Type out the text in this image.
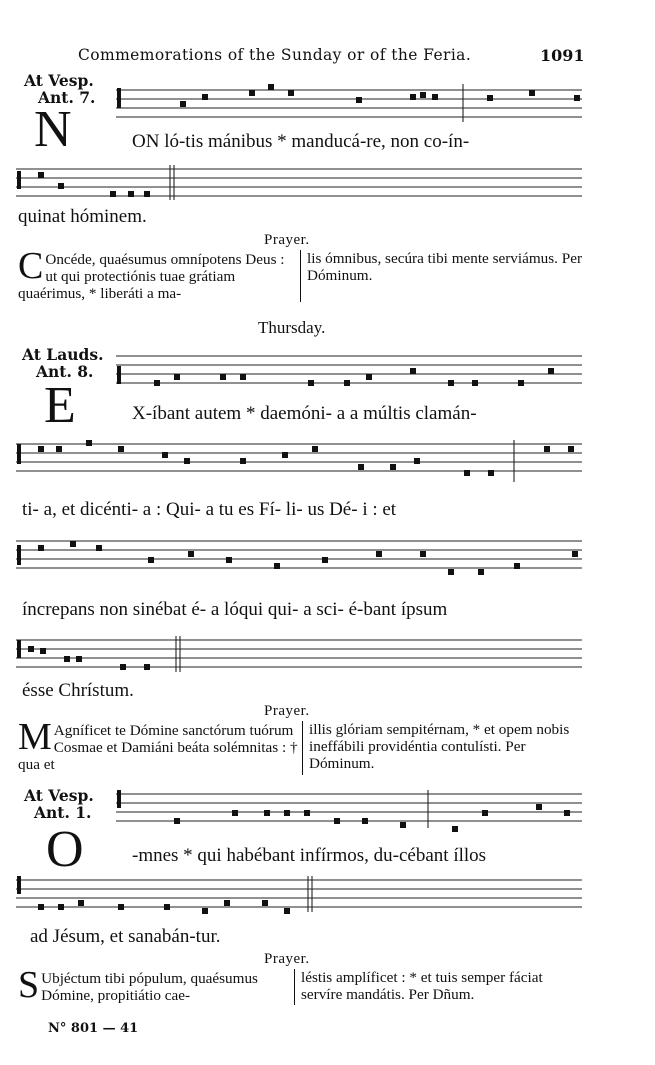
Commemorations of the Sunday or of the Feria.	1091
At Vesp.
Ant. 7.
N	ON ló-tis mánibus * manducá-re, non co-ín-
quinat hóminem.
Prayer.
C Oncéde, quaésumus omnípotens Deus : ut qui protectiónis tuae grátiam quaérimus, * liberáti a ma-
lis ómnibus, secúra tibi mente serviámus. Per Dóminum.
Thursday.
At Lauds.
Ant. 8.
E	X-íbant autem * daemóni- a a múltis clamán-
ti- a, et dicénti- a : Qui- a tu es Fí- li- us Dé- i : et
íncrepans non sinébat é- a lóqui qui- a sci- é-bant ípsum
ésse Chrístum.
Prayer.
M Agníficet te Dómine sanctórum tuórum Cosmae et Damiáni beáta solémnitas : † qua et
illis glóriam sempitérnam, * et opem nobis ineffábili providéntia contulísti. Per Dóminum.
At Vesp.
Ant. 1.
O	-mnes * qui habébant infírmos, du-cébant íllos
ad Jésum, et sanabán-tur.
Prayer.
S Ubjéctum tibi pópulum, quaésumus Dómine, propitiátio cae-
léstis amplíficet : * et tuis semper fáciat servíre mandátis. Per Dñum.
N° 801 — 41
